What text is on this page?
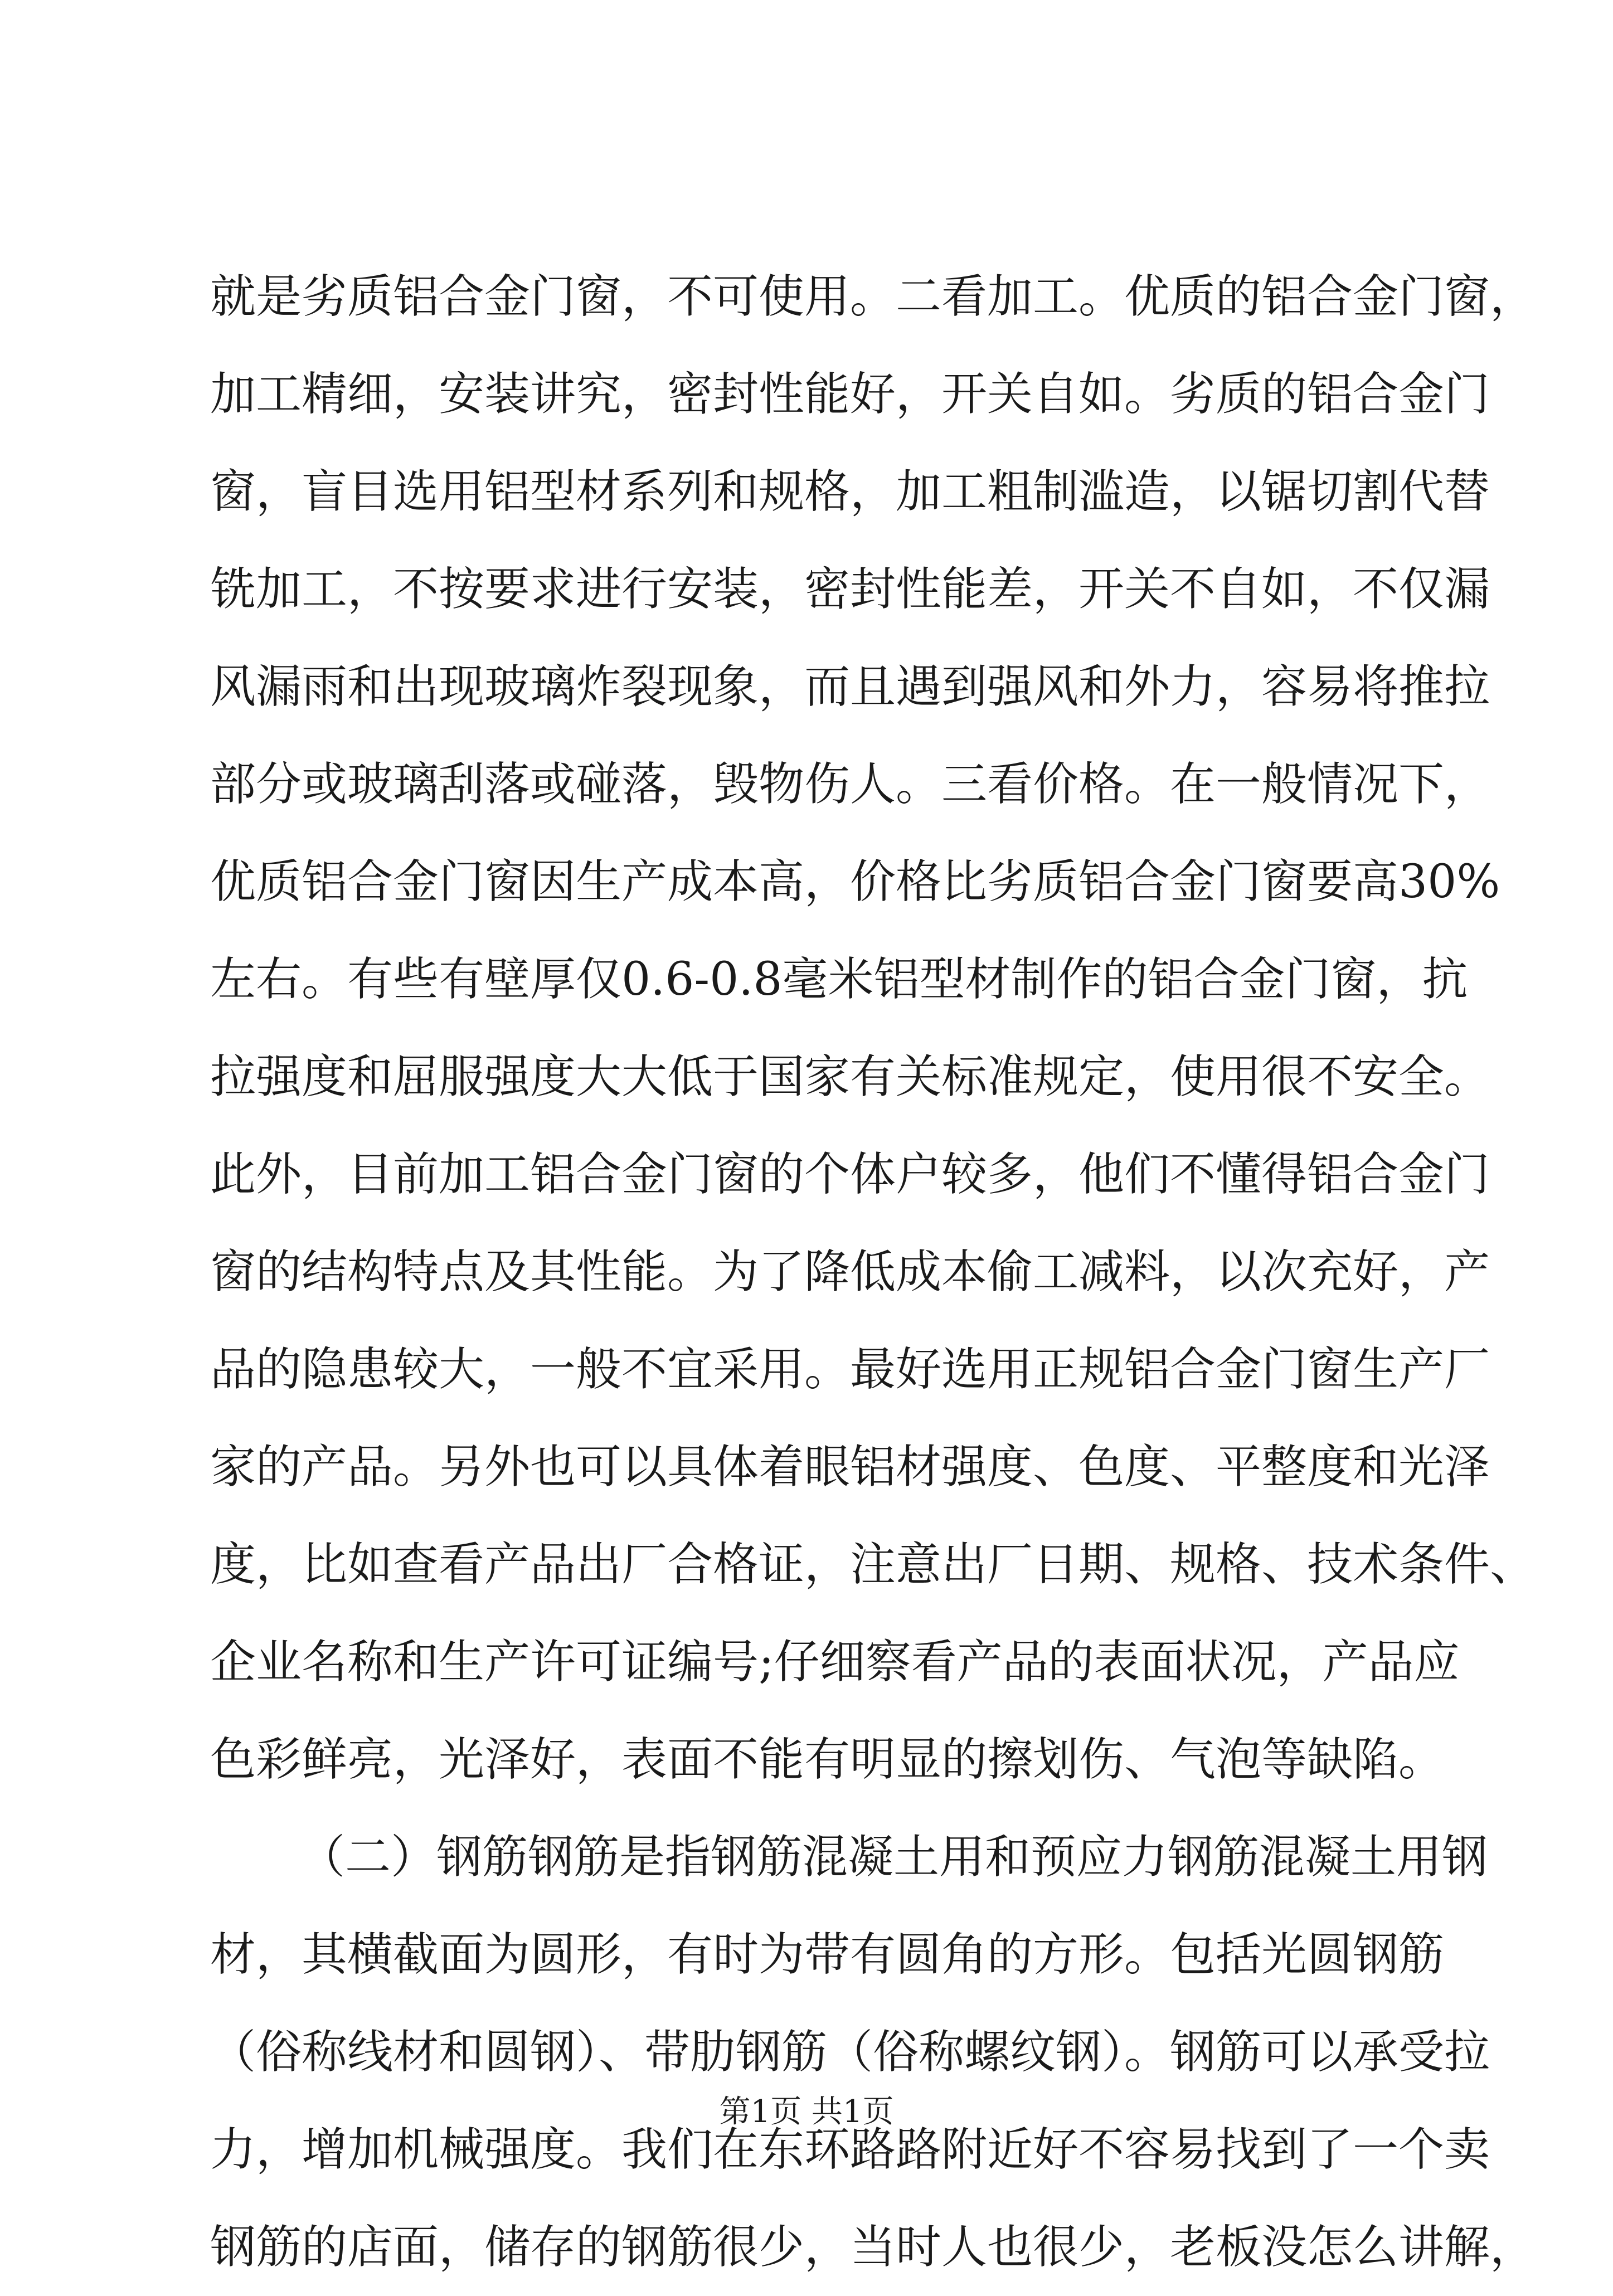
就是劣质铝合金门窗，不可使用。二看加工。优质的铝合金门窗，
加工精细，安装讲究，密封性能好，开关自如。劣质的铝合金门
窗，盲目选用铝型材系列和规格，加工粗制滥造，以锯切割代替
铣加工，不按要求进行安装，密封性能差，开关不自如，不仅漏
风漏雨和出现玻璃炸裂现象，而且遇到强风和外力，容易将推拉
部分或玻璃刮落或碰落，毁物伤人。三看价格。在一般情况下，
优质铝合金门窗因生产成本高，价格比劣质铝合金门窗要高30%
左右。有些有壁厚仅0.6-0.8毫米铝型材制作的铝合金门窗，抗
拉强度和屈服强度大大低于国家有关标准规定，使用很不安全。
此外，目前加工铝合金门窗的个体户较多，他们不懂得铝合金门
窗的结构特点及其性能。为了降低成本偷工减料，以次充好，产
品的隐患较大，一般不宜采用。最好选用正规铝合金门窗生产厂
家的产品。另外也可以具体着眼铝材强度、色度、平整度和光泽
度，比如查看产品出厂合格证，注意出厂日期、规格、技术条件、
企业名称和生产许可证编号;仔细察看产品的表面状况，产品应
色彩鲜亮，光泽好，表面不能有明显的擦划伤、气泡等缺陷。
（二）钢筋钢筋是指钢筋混凝土用和预应力钢筋混凝土用钢
材，其横截面为圆形，有时为带有圆角的方形。包括光圆钢筋
（俗称线材和圆钢）、带肋钢筋（俗称螺纹钢）。钢筋可以承受拉
力，增加机械强度。我们在东环路路附近好不容易找到了一个卖
钢筋的店面，储存的钢筋很少，当时人也很少，老板没怎么讲解，
第1页 共1页
